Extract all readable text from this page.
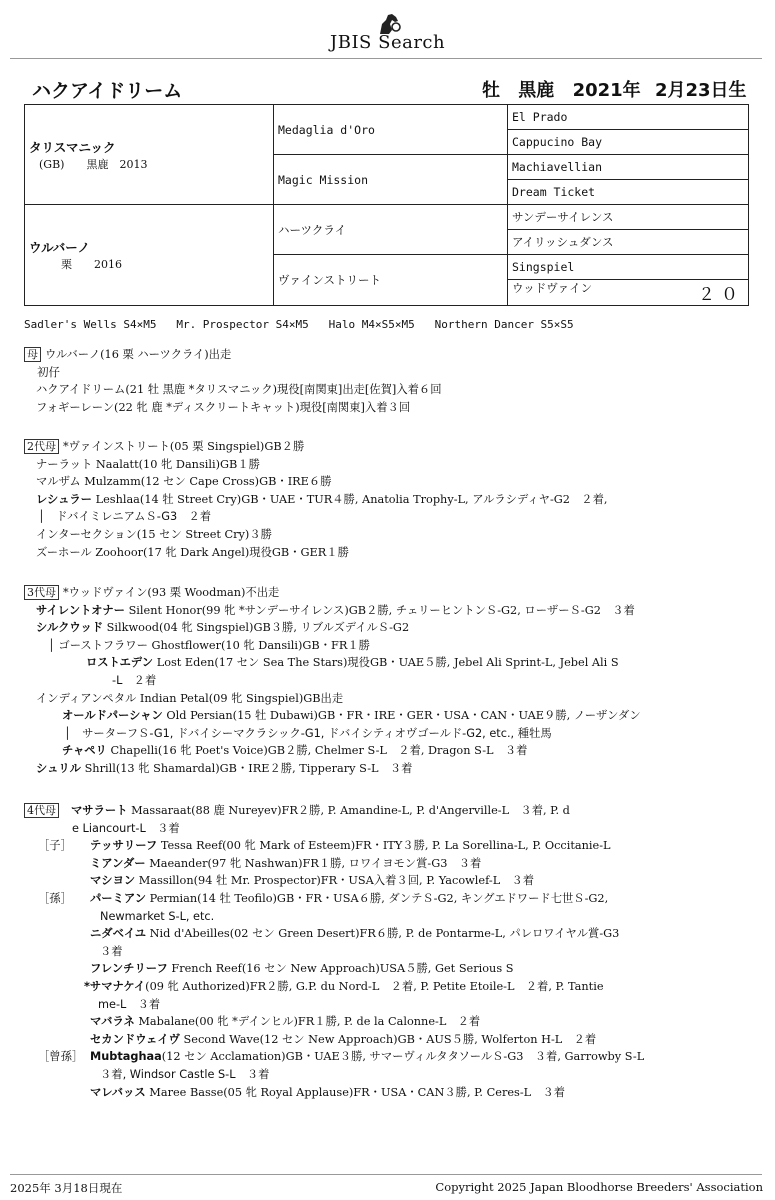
JBIS Search
ハクアイドリーム	牡 黒鹿 2021年 2月23日生
タリスマニック
(GB)　　黒鹿　2013	Medaglia d'Oro	El Prado
		Cappucino Bay
	Magic Mission	Machiavellian
		Dream Ticket

ウルバーノ
　　栗　　2016	ハーツクライ	サンデーサイレンス
		アイリッシュダンス
	ヴァインストリート	Singspiel
		ウッドヴァイン ２０
Sadler's Wells S4×M5   Mr. Prospector S4×M5   Halo M4×S5×M5   Northern Dancer S5×S5
母 ウルバーノ(16 栗 ハーツクライ)出走
　初仔
ハクアイドリーム(21 牡 黒鹿 *タリスマニック)現役[南関東]出走[佐賀]入着６回
フォギーレーン(22 牝 鹿 *ディスクリートキャット)現役[南関東]入着３回
2代母 *ヴァインストリート(05 栗 Singspiel)GB２勝
ナーラット Naalatt(10 牝 Dansili)GB１勝
マルザム Mulzamm(12 セン Cape Cross)GB・IRE６勝
レシュラー Leshlaa(14 牡 Street Cry)GB・UAE・TUR４勝, Anatolia Trophy-L, アルラシディヤ-G2　２着,
│　ドバイミレニアムＳ-G3　２着
インターセクション(15 セン Street Cry)３勝
ズーホール Zoohoor(17 牝 Dark Angel)現役GB・GER１勝
3代母 *ウッドヴァイン(93 栗 Woodman)不出走
サイレントオナー Silent Honor(99 牝 *サンデーサイレンス)GB２勝, チェリーヒントンＳ-G2, ローザーＳ-G2　３着
シルクウッド Silkwood(04 牝 Singspiel)GB３勝, リブルズデイルＳ-G2
│ ゴーストフラワー Ghostflower(10 牝 Dansili)GB・FR１勝
ロストエデン Lost Eden(17 セン Sea The Stars)現役GB・UAE５勝, Jebel Ali Sprint-L, Jebel Ali S
-L　２着
インディアンペタル Indian Petal(09 牝 Singspiel)GB出走
オールドパーシャン Old Persian(15 牡 Dubawi)GB・FR・IRE・GER・USA・CAN・UAE９勝, ノーザンダン
│　サーターフＳ-G1, ドバイシーマクラシック-G1, ドバイシティオヴゴールド-G2, etc., 種牡馬
チャペリ Chapelli(16 牝 Poet's Voice)GB２勝, Chelmer S-L　２着, Dragon S-L　３着
シュリル Shrill(13 牝 Shamardal)GB・IRE２勝, Tipperary S-L　３着
4代母 マサラート Massaraat(88 鹿 Nureyev)FR２勝, P. Amandine-L, P. d'Angerville-L　３着, P. d
e Liancourt-L　３着
［子］ テッサリーフ Tessa Reef(00 牝 Mark of Esteem)FR・ITY３勝, P. La Sorellina-L, P. Occitanie-L
ミアンダー Maeander(97 牝 Nashwan)FR１勝, ロワイヨモン賞-G3　３着
マシヨン Massillon(94 牡 Mr. Prospector)FR・USA入着３回, P. Yacowlef-L　３着
［孫］ パーミアン Permian(14 牡 Teofilo)GB・FR・USA６勝, ダンテＳ-G2, キングエドワード七世Ｓ-G2,
Newmarket S-L, etc.
ニダベイユ Nid d'Abeilles(02 セン Green Desert)FR６勝, P. de Pontarme-L, パレロワイヤル賞-G3
３着
フレンチリーフ French Reef(16 セン New Approach)USA５勝, Get Serious S
*サマナケイ(09 牝 Authorized)FR２勝, G.P. du Nord-L　２着, P. Petite Etoile-L　２着, P. Tantie
me-L　３着
マバラネ Mabalane(00 牝 *デインヒル)FR１勝, P. de la Calonne-L　２着
セカンドウェイヴ Second Wave(12 セン New Approach)GB・AUS５勝, Wolferton H-L　２着
［曾孫］ Mubtaghaa(12 セン Acclamation)GB・UAE３勝, サマーヴィルタタソールＳ-G3　３着, Garrowby S-L
３着, Windsor Castle S-L　３着
マレバッス Maree Basse(05 牝 Royal Applause)FR・USA・CAN３勝, P. Ceres-L　３着
2025年 3月18日現在	Copyright 2025 Japan Bloodhorse Breeders' Association
